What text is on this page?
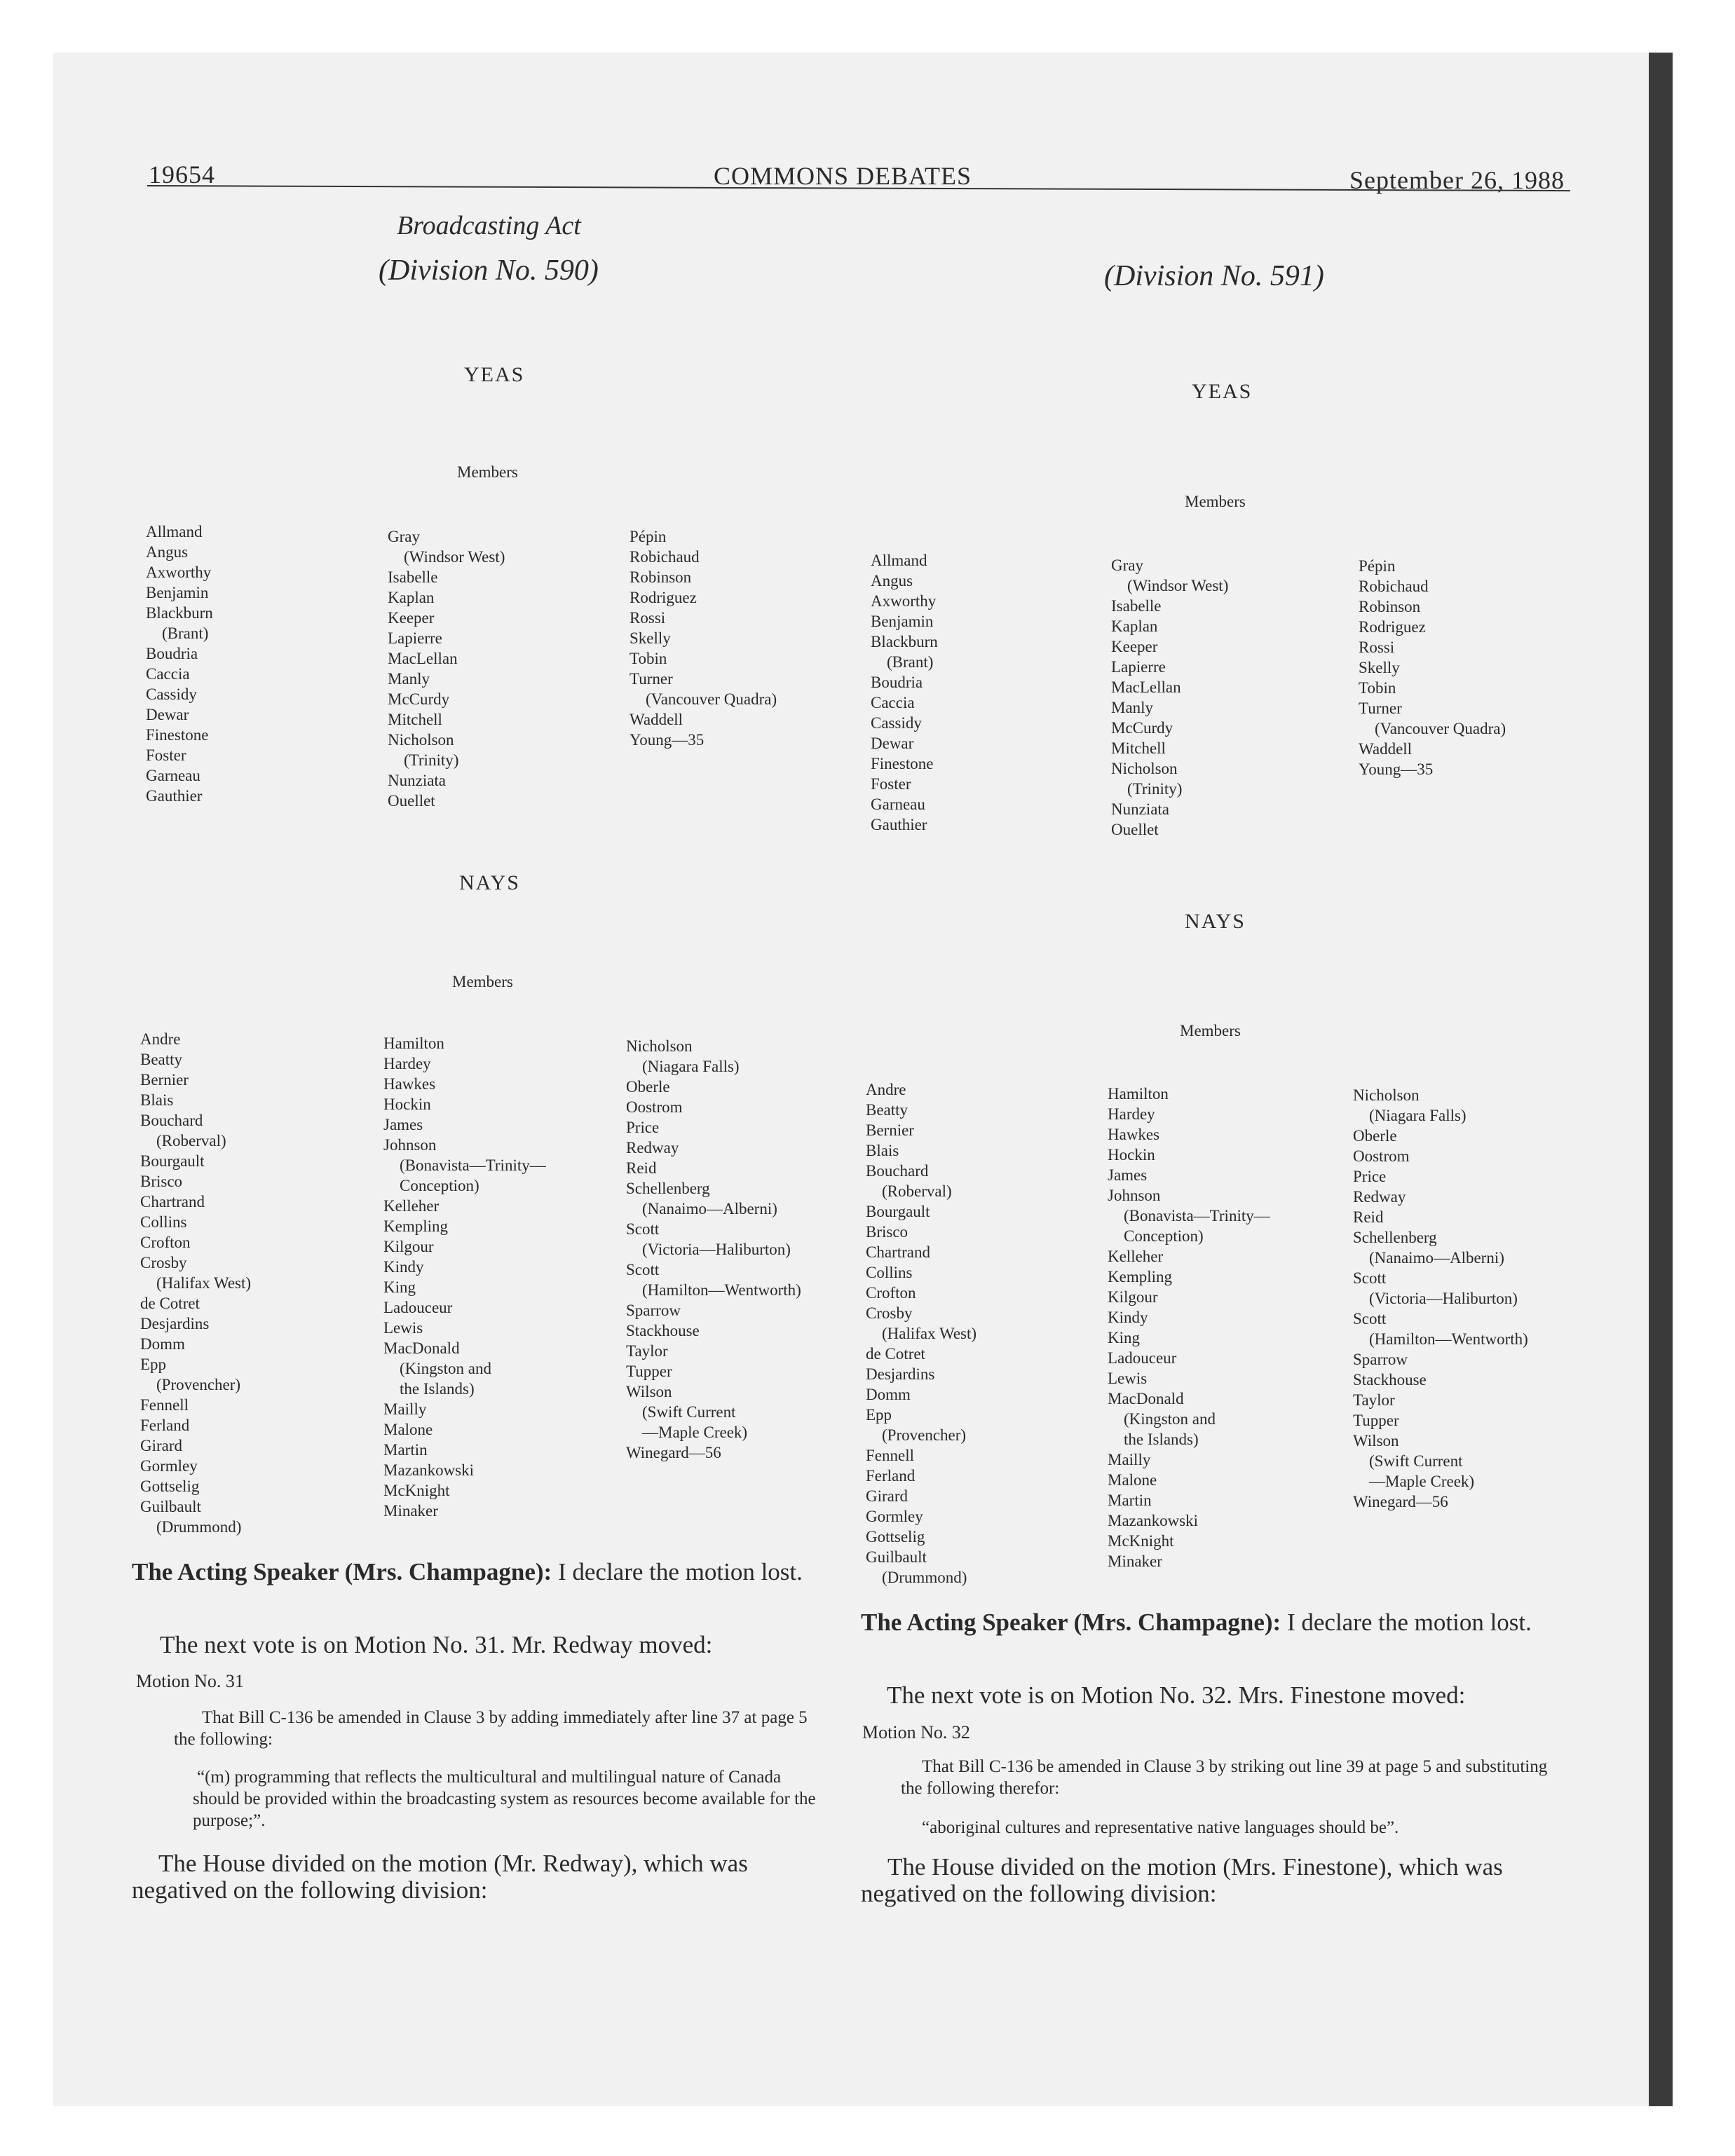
19654	COMMONS DEBATES	September 26, 1988
Broadcasting Act
(Division No. 590)
YEAS
Members
Allmand
Angus
Axworthy
Benjamin
Blackburn
(Brant)
Boudria
Caccia
Cassidy
Dewar
Finestone
Foster
Garneau
Gauthier
Gray
(Windsor West)
Isabelle
Kaplan
Keeper
Lapierre
MacLellan
Manly
McCurdy
Mitchell
Nicholson
(Trinity)
Nunziata
Ouellet
Pépin
Robichaud
Robinson
Rodriguez
Rossi
Skelly
Tobin
Turner
(Vancouver Quadra)
Waddell
Young—35
NAYS
Members
Andre
Beatty
Bernier
Blais
Bouchard
(Roberval)
Bourgault
Brisco
Chartrand
Collins
Crofton
Crosby
(Halifax West)
de Cotret
Desjardins
Domm
Epp
(Provencher)
Fennell
Ferland
Girard
Gormley
Gottselig
Guilbault
(Drummond)
Hamilton
Hardey
Hawkes
Hockin
James
Johnson
(Bonavista—Trinity—
Conception)
Kelleher
Kempling
Kilgour
Kindy
King
Ladouceur
Lewis
MacDonald
(Kingston and
the Islands)
Mailly
Malone
Martin
Mazankowski
McKnight
Minaker
Nicholson
(Niagara Falls)
Oberle
Oostrom
Price
Redway
Reid
Schellenberg
(Nanaimo—Alberni)
Scott
(Victoria—Haliburton)
Scott
(Hamilton—Wentworth)
Sparrow
Stackhouse
Taylor
Tupper
Wilson
(Swift Current
—Maple Creek)
Winegard—56
The Acting Speaker (Mrs. Champagne): I declare the motion lost.
The next vote is on Motion No. 31. Mr. Redway moved:
Motion No. 31
That Bill C-136 be amended in Clause 3 by adding immediately after line 37 at page 5 the following:
“(m) programming that reflects the multicultural and multilingual nature of Canada should be provided within the broadcasting system as resources become available for the purpose;”.
The House divided on the motion (Mr. Redway), which was negatived on the following division:
(Division No. 591)
YEAS
Members
Allmand
Angus
Axworthy
Benjamin
Blackburn
(Brant)
Boudria
Caccia
Cassidy
Dewar
Finestone
Foster
Garneau
Gauthier
Gray
(Windsor West)
Isabelle
Kaplan
Keeper
Lapierre
MacLellan
Manly
McCurdy
Mitchell
Nicholson
(Trinity)
Nunziata
Ouellet
Pépin
Robichaud
Robinson
Rodriguez
Rossi
Skelly
Tobin
Turner
(Vancouver Quadra)
Waddell
Young—35
NAYS
Members
Andre
Beatty
Bernier
Blais
Bouchard
(Roberval)
Bourgault
Brisco
Chartrand
Collins
Crofton
Crosby
(Halifax West)
de Cotret
Desjardins
Domm
Epp
(Provencher)
Fennell
Ferland
Girard
Gormley
Gottselig
Guilbault
(Drummond)
Hamilton
Hardey
Hawkes
Hockin
James
Johnson
(Bonavista—Trinity—
Conception)
Kelleher
Kempling
Kilgour
Kindy
King
Ladouceur
Lewis
MacDonald
(Kingston and
the Islands)
Mailly
Malone
Martin
Mazankowski
McKnight
Minaker
Nicholson
(Niagara Falls)
Oberle
Oostrom
Price
Redway
Reid
Schellenberg
(Nanaimo—Alberni)
Scott
(Victoria—Haliburton)
Scott
(Hamilton—Wentworth)
Sparrow
Stackhouse
Taylor
Tupper
Wilson
(Swift Current
—Maple Creek)
Winegard—56
The Acting Speaker (Mrs. Champagne): I declare the motion lost.
The next vote is on Motion No. 32. Mrs. Finestone moved:
Motion No. 32
That Bill C-136 be amended in Clause 3 by striking out line 39 at page 5 and substituting the following therefor:
“aboriginal cultures and representative native languages should be”.
The House divided on the motion (Mrs. Finestone), which was negatived on the following division:
